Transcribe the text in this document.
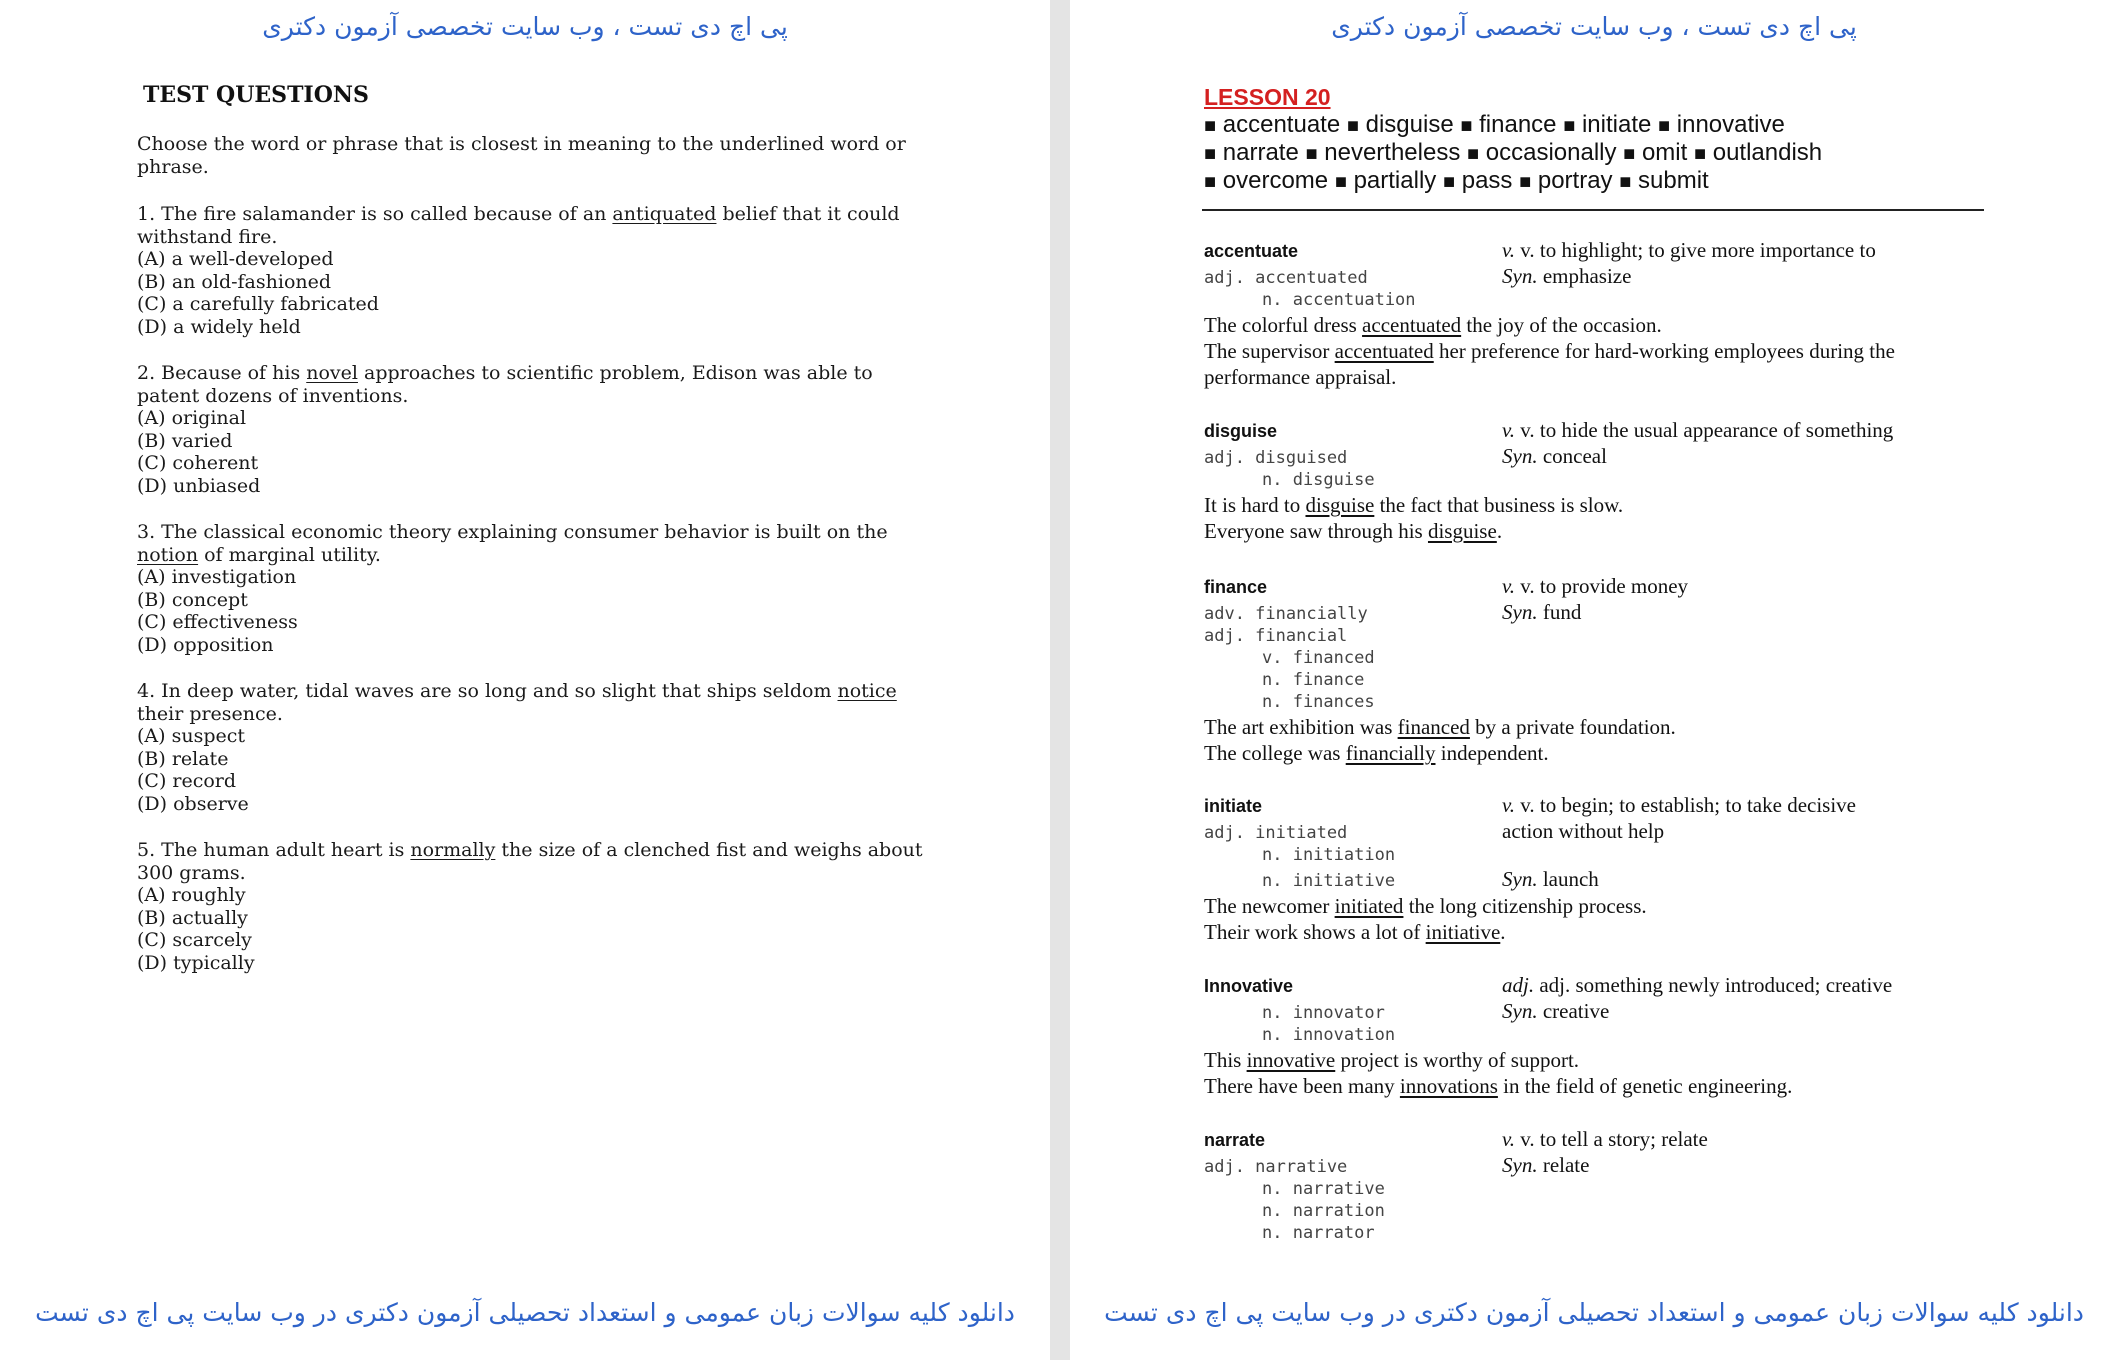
پی اچ دی تست ، وب سایت تخصصی آزمون دکتری
TEST QUESTIONS
Choose the word or phrase that is closest in meaning to the underlined word or phrase.
1. The fire salamander is so called because of an antiquated belief that it could withstand fire.
(A) a well-developed
(B) an old-fashioned
(C) a carefully fabricated
(D) a widely held
2. Because of his novel approaches to scientific problem, Edison was able to patent dozens of inventions.
(A) original
(B) varied
(C) coherent
(D) unbiased
3. The classical economic theory explaining consumer behavior is built on the notion of marginal utility.
(A) investigation
(B) concept
(C) effectiveness
(D) opposition
4. In deep water, tidal waves are so long and so slight that ships seldom notice their presence.
(A) suspect
(B) relate
(C) record
(D) observe
5. The human adult heart is normally the size of a clenched fist and weighs about 300 grams.
(A) roughly
(B) actually
(C) scarcely
(D) typically
دانلود کلیه سوالات زبان عمومی و استعداد تحصیلی آزمون دکتری در وب سایت پی اچ دی تست
پی اچ دی تست ، وب سایت تخصصی آزمون دکتری
LESSON 20
■ accentuate ■ disguise ■ finance ■ initiate ■ innovative
■ narrate ■ nevertheless ■ occasionally ■ omit ■ outlandish
■ overcome ■ partially ■ pass ■ portray ■ submit
accentuate
adj. accentuated
n. accentuation
v. v. to highlight; to give more importance to
Syn. emphasize
The colorful dress accentuated the joy of the occasion.
The supervisor accentuated her preference for hard-working employees during the performance appraisal.
disguise
adj. disguised
n. disguise
v. v. to hide the usual appearance of something
Syn. conceal
It is hard to disguise the fact that business is slow.
Everyone saw through his disguise.
finance
adv. financially
adj. financial
v. financed
n. finance
n. finances
v. v. to provide money
Syn. fund
The art exhibition was financed by a private foundation.
The college was financially independent.
initiate
adj. initiated
n. initiation
n. initiative
v. v. to begin; to establish; to take decisive
action without help
Syn. launch
The newcomer initiated the long citizenship process.
Their work shows a lot of initiative.
Innovative
n. innovator
n. innovation
adj. adj. something newly introduced; creative
Syn. creative
This innovative project is worthy of support.
There have been many innovations in the field of genetic engineering.
narrate
adj. narrative
n. narrative
n. narration
n. narrator
v. v. to tell a story; relate
Syn. relate
دانلود کلیه سوالات زبان عمومی و استعداد تحصیلی آزمون دکتری در وب سایت پی اچ دی تست
